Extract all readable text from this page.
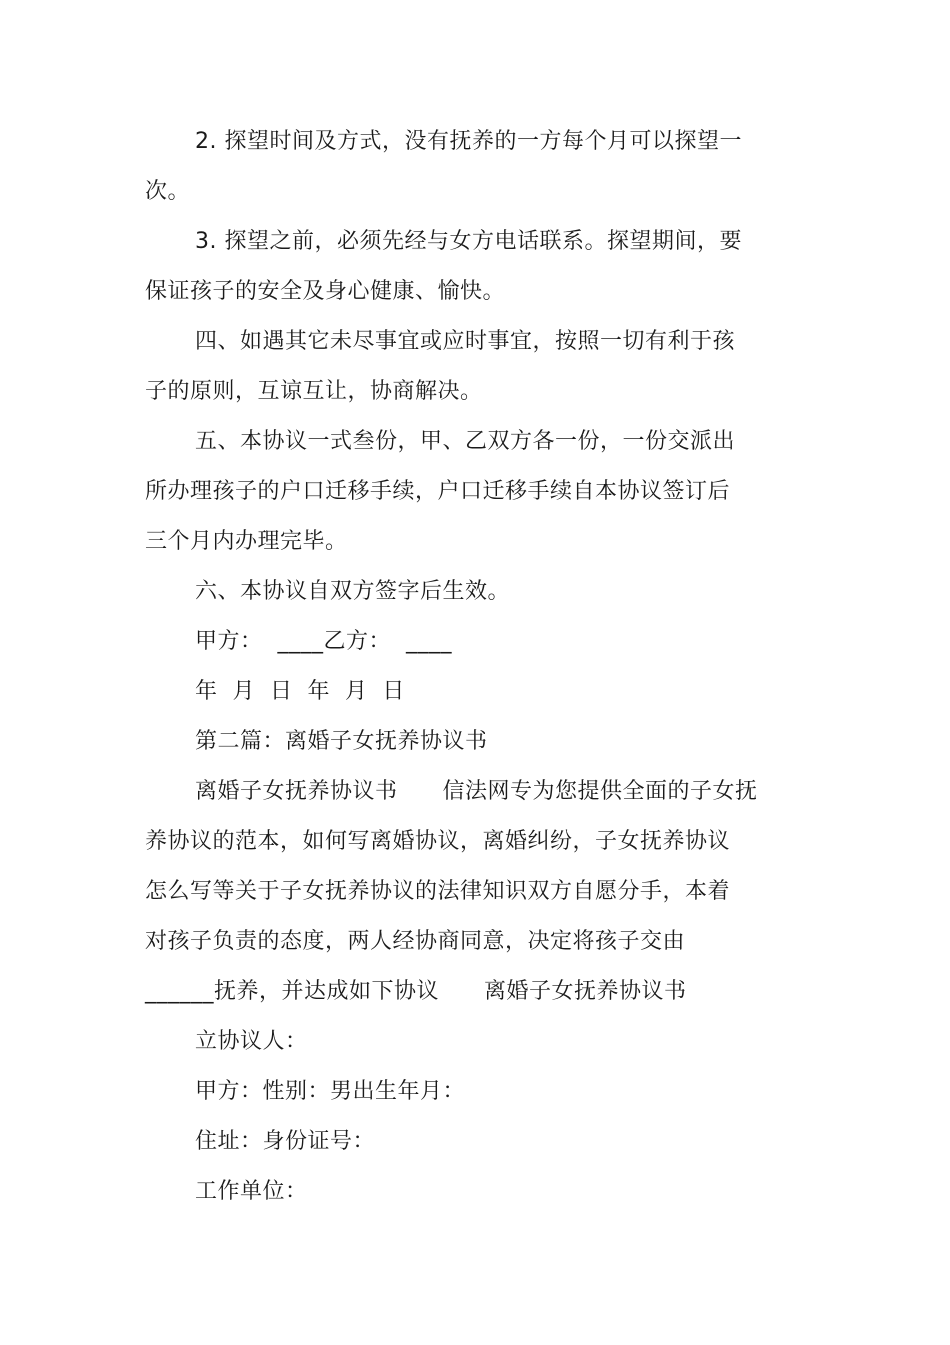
2. 探望时间及方式，没有抚养的一方每个月可以探望一
次。
3. 探望之前，必须先经与女方电话联系。探望期间，要
保证孩子的安全及身心健康、愉快。
四、如遇其它未尽事宜或应时事宜，按照一切有利于孩
子的原则，互谅互让，协商解决。
五、本协议一式叁份，甲、乙双方各一份，一份交派出
所办理孩子的户口迁移手续，户口迁移手续自本协议签订后
三个月内办理完毕。
六、本协议自双方签字后生效。
甲方：  ____乙方：  ____
年  月  日  年  月  日
第二篇：离婚子女抚养协议书
离婚子女抚养协议书      信法网专为您提供全面的子女抚
养协议的范本，如何写离婚协议，离婚纠纷，子女抚养协议
怎么写等关于子女抚养协议的法律知识双方自愿分手，本着
对孩子负责的态度，两人经协商同意，决定将孩子交由
______抚养，并达成如下协议      离婚子女抚养协议书
立协议人：
甲方：性别：男出生年月：
住址：身份证号：
工作单位：
